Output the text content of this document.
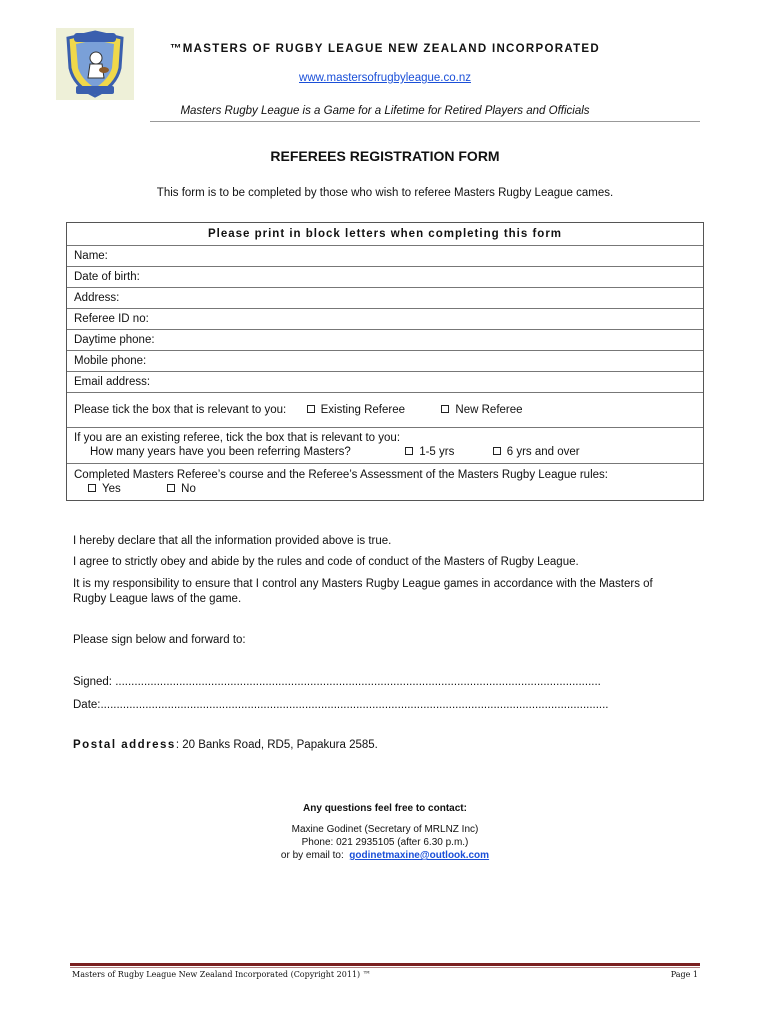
™MASTERS OF RUGBY LEAGUE NEW ZEALAND INCORPORATED
www.mastersofrugbyleague.co.nz
Masters Rugby League is a Game for a Lifetime for Retired Players and Officials
REFEREES REGISTRATION FORM
This form is to be completed by those who wish to referee Masters Rugby League cames.
Please print in block letters when completing this form
Name:
Date of birth:
Address:
Referee ID no:
Daytime phone:
Mobile phone:
Email address:
Please tick the box that is relevant to you:	Existing Referee	New Referee
If you are an existing referee, tick the box that is relevant to you:
How many years have you been referring Masters?	1-5 yrs	6 yrs and over
Completed Masters Referee’s course and the Referee’s Assessment of the Masters Rugby League rules:
Yes	No
I hereby declare that all the information provided above is true.
I agree to strictly obey and abide by the rules and code of conduct of the Masters of Rugby League.
It is my responsibility to ensure that I control any Masters Rugby League games in accordance with the Masters of Rugby League laws of the game.
Please sign below and forward to:
Signed: ........................................................................................................................................................
Date:...............................................................................................................................................................
Postal address: 20 Banks Road, RD5, Papakura 2585.
Any questions feel free to contact:
Maxine Godinet (Secretary of MRLNZ Inc)
Phone: 021 2935105 (after 6.30 p.m.)
or by email to: godinetmaxine@outlook.com
Masters of Rugby League New Zealand Incorporated (Copyright 2011) ™	Page 1
